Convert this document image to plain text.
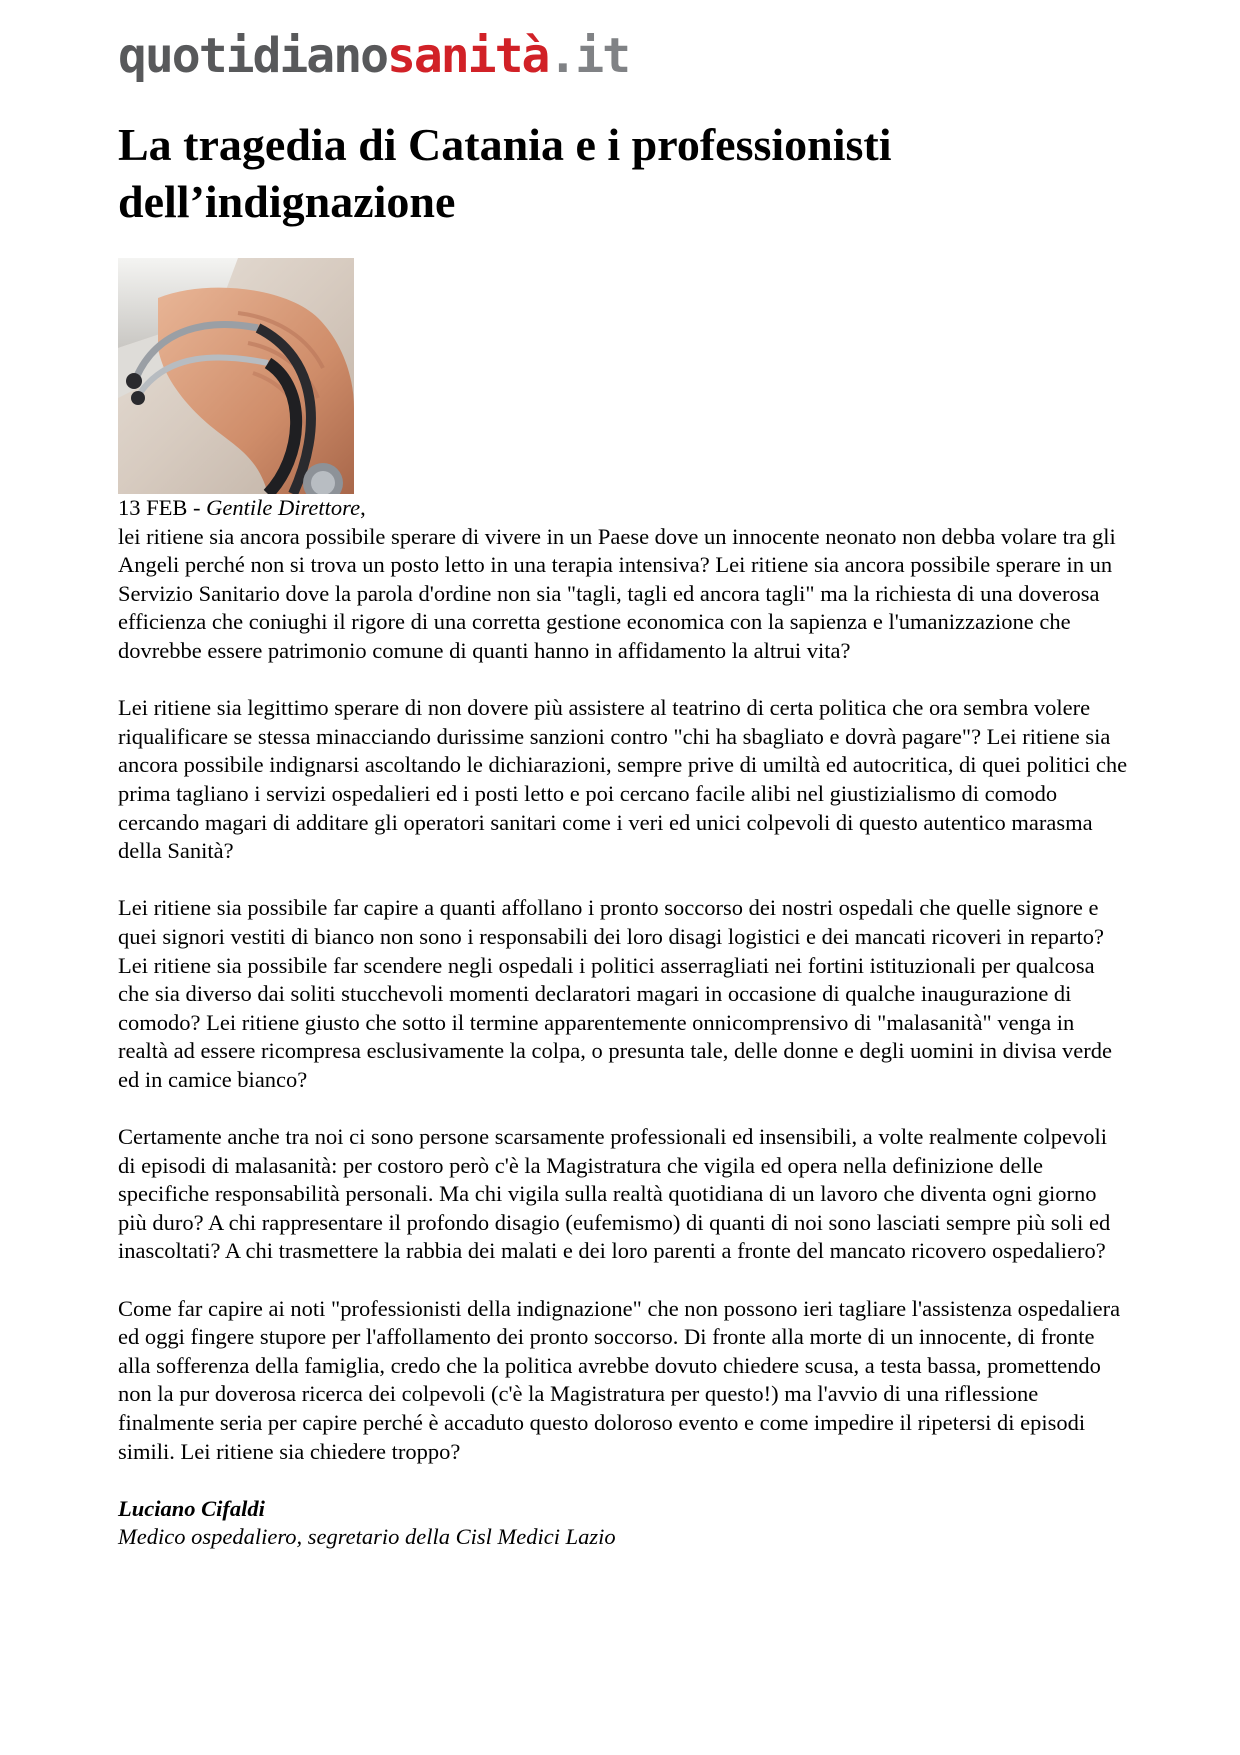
quotidianosanità.it
La tragedia di Catania e i professionisti dell’indignazione

13 FEB - Gentile Direttore,
lei ritiene sia ancora possibile sperare di vivere in un Paese dove un innocente neonato non debba volare tra gli Angeli perché non si trova un posto letto in una terapia intensiva? Lei ritiene sia ancora possibile sperare in un Servizio Sanitario dove la parola d'ordine non sia "tagli, tagli ed ancora tagli" ma la richiesta di una doverosa efficienza che coniughi il rigore di una corretta gestione economica con la sapienza e l'umanizzazione che dovrebbe essere patrimonio comune di quanti hanno in affidamento la altrui vita?

Lei ritiene sia legittimo sperare di non dovere più assistere al teatrino di certa politica che ora sembra volere riqualificare se stessa minacciando durissime sanzioni contro "chi ha sbagliato e dovrà pagare"? Lei ritiene sia ancora possibile indignarsi ascoltando le dichiarazioni, sempre prive di umiltà ed autocritica, di quei politici che prima tagliano i servizi ospedalieri ed i posti letto e poi cercano facile alibi nel giustizialismo di comodo cercando magari di additare gli operatori sanitari come i veri ed unici colpevoli di questo autentico marasma della Sanità?

Lei ritiene sia possibile far capire a quanti affollano i pronto soccorso dei nostri ospedali che quelle signore e quei signori vestiti di bianco non sono i responsabili dei loro disagi logistici e dei mancati ricoveri in reparto? Lei ritiene sia possibile far scendere negli ospedali i politici asserragliati nei fortini istituzionali per qualcosa che sia diverso dai soliti stucchevoli momenti declaratori magari in occasione di qualche inaugurazione di comodo? Lei ritiene giusto che sotto il termine apparentemente onnicomprensivo di "malasanità" venga in realtà ad essere ricompresa esclusivamente la colpa, o presunta tale, delle donne e degli uomini in divisa verde ed in camice bianco?

Certamente anche tra noi ci sono persone scarsamente professionali ed insensibili, a volte realmente colpevoli di episodi di malasanità: per costoro però c'è la Magistratura che vigila ed opera nella definizione delle specifiche responsabilità personali. Ma chi vigila sulla realtà quotidiana di un lavoro che diventa ogni giorno più duro? A chi rappresentare il profondo disagio (eufemismo) di quanti di noi sono lasciati sempre più soli ed inascoltati? A chi trasmettere la rabbia dei malati e dei loro parenti a fronte del mancato ricovero ospedaliero?

Come far capire ai noti "professionisti della indignazione" che non possono ieri tagliare l'assistenza ospedaliera ed oggi fingere stupore per l'affollamento dei pronto soccorso. Di fronte alla morte di un innocente, di fronte alla sofferenza della famiglia, credo che la politica avrebbe dovuto chiedere scusa, a testa bassa, promettendo non la pur doverosa ricerca dei colpevoli (c'è la Magistratura per questo!) ma l'avvio di una riflessione finalmente seria per capire perché è accaduto questo doloroso evento e come impedire il ripetersi di episodi simili. Lei ritiene sia chiedere troppo?

Luciano Cifaldi
Medico ospedaliero, segretario della Cisl Medici Lazio
